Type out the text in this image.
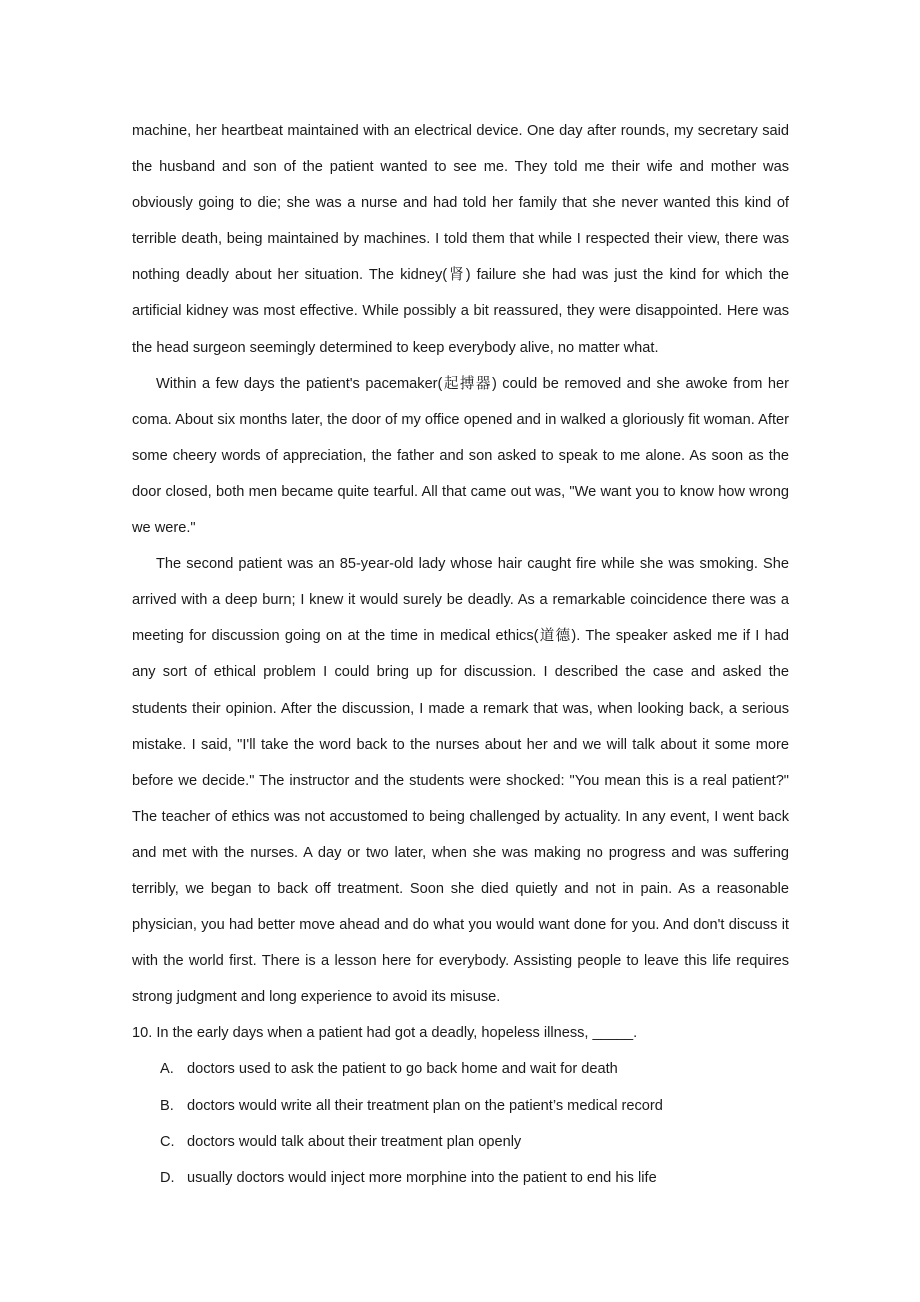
machine, her heartbeat maintained with an electrical device. One day after rounds, my secretary said the husband and son of the patient wanted to see me. They told me their wife and mother was obviously going to die; she was a nurse and had told her family that she never wanted this kind of terrible death, being maintained by machines. I told them that while I respected their view, there was nothing deadly about her situation. The kidney(肾) failure she had was just the kind for which the artificial kidney was most effective. While possibly a bit reassured, they were disappointed. Here was the head surgeon seemingly determined to keep everybody alive, no matter what.

Within a few days the patient's pacemaker(起搏器) could be removed and she awoke from her coma. About six months later, the door of my office opened and in walked a gloriously fit woman. After some cheery words of appreciation, the father and son asked to speak to me alone. As soon as the door closed, both men became quite tearful. All that came out was, "We want you to know how wrong we were."

The second patient was an 85-year-old lady whose hair caught fire while she was smoking. She arrived with a deep burn; I knew it would surely be deadly. As a remarkable coincidence there was a meeting for discussion going on at the time in medical ethics(道德). The speaker asked me if I had any sort of ethical problem I could bring up for discussion. I described the case and asked the students their opinion. After the discussion, I made a remark that was, when looking back, a serious mistake. I said, "I'll take the word back to the nurses about her and we will talk about it some more before we decide." The instructor and the students were shocked: "You mean this is a real patient?" The teacher of ethics was not accustomed to being challenged by actuality. In any event, I went back and met with the nurses. A day or two later, when she was making no progress and was suffering terribly, we began to back off treatment. Soon she died quietly and not in pain. As a reasonable physician, you had better move ahead and do what you would want done for you. And don't discuss it with the world first. There is a lesson here for everybody. Assisting people to leave this life requires strong judgment and long experience to avoid its misuse.

10. In the early days when a patient had got a deadly, hopeless illness, _____.

A. doctors used to ask the patient to go back home and wait for death
B. doctors would write all their treatment plan on the patient’s medical record
C. doctors would talk about their treatment plan openly
D. usually doctors would inject more morphine into the patient to end his life
